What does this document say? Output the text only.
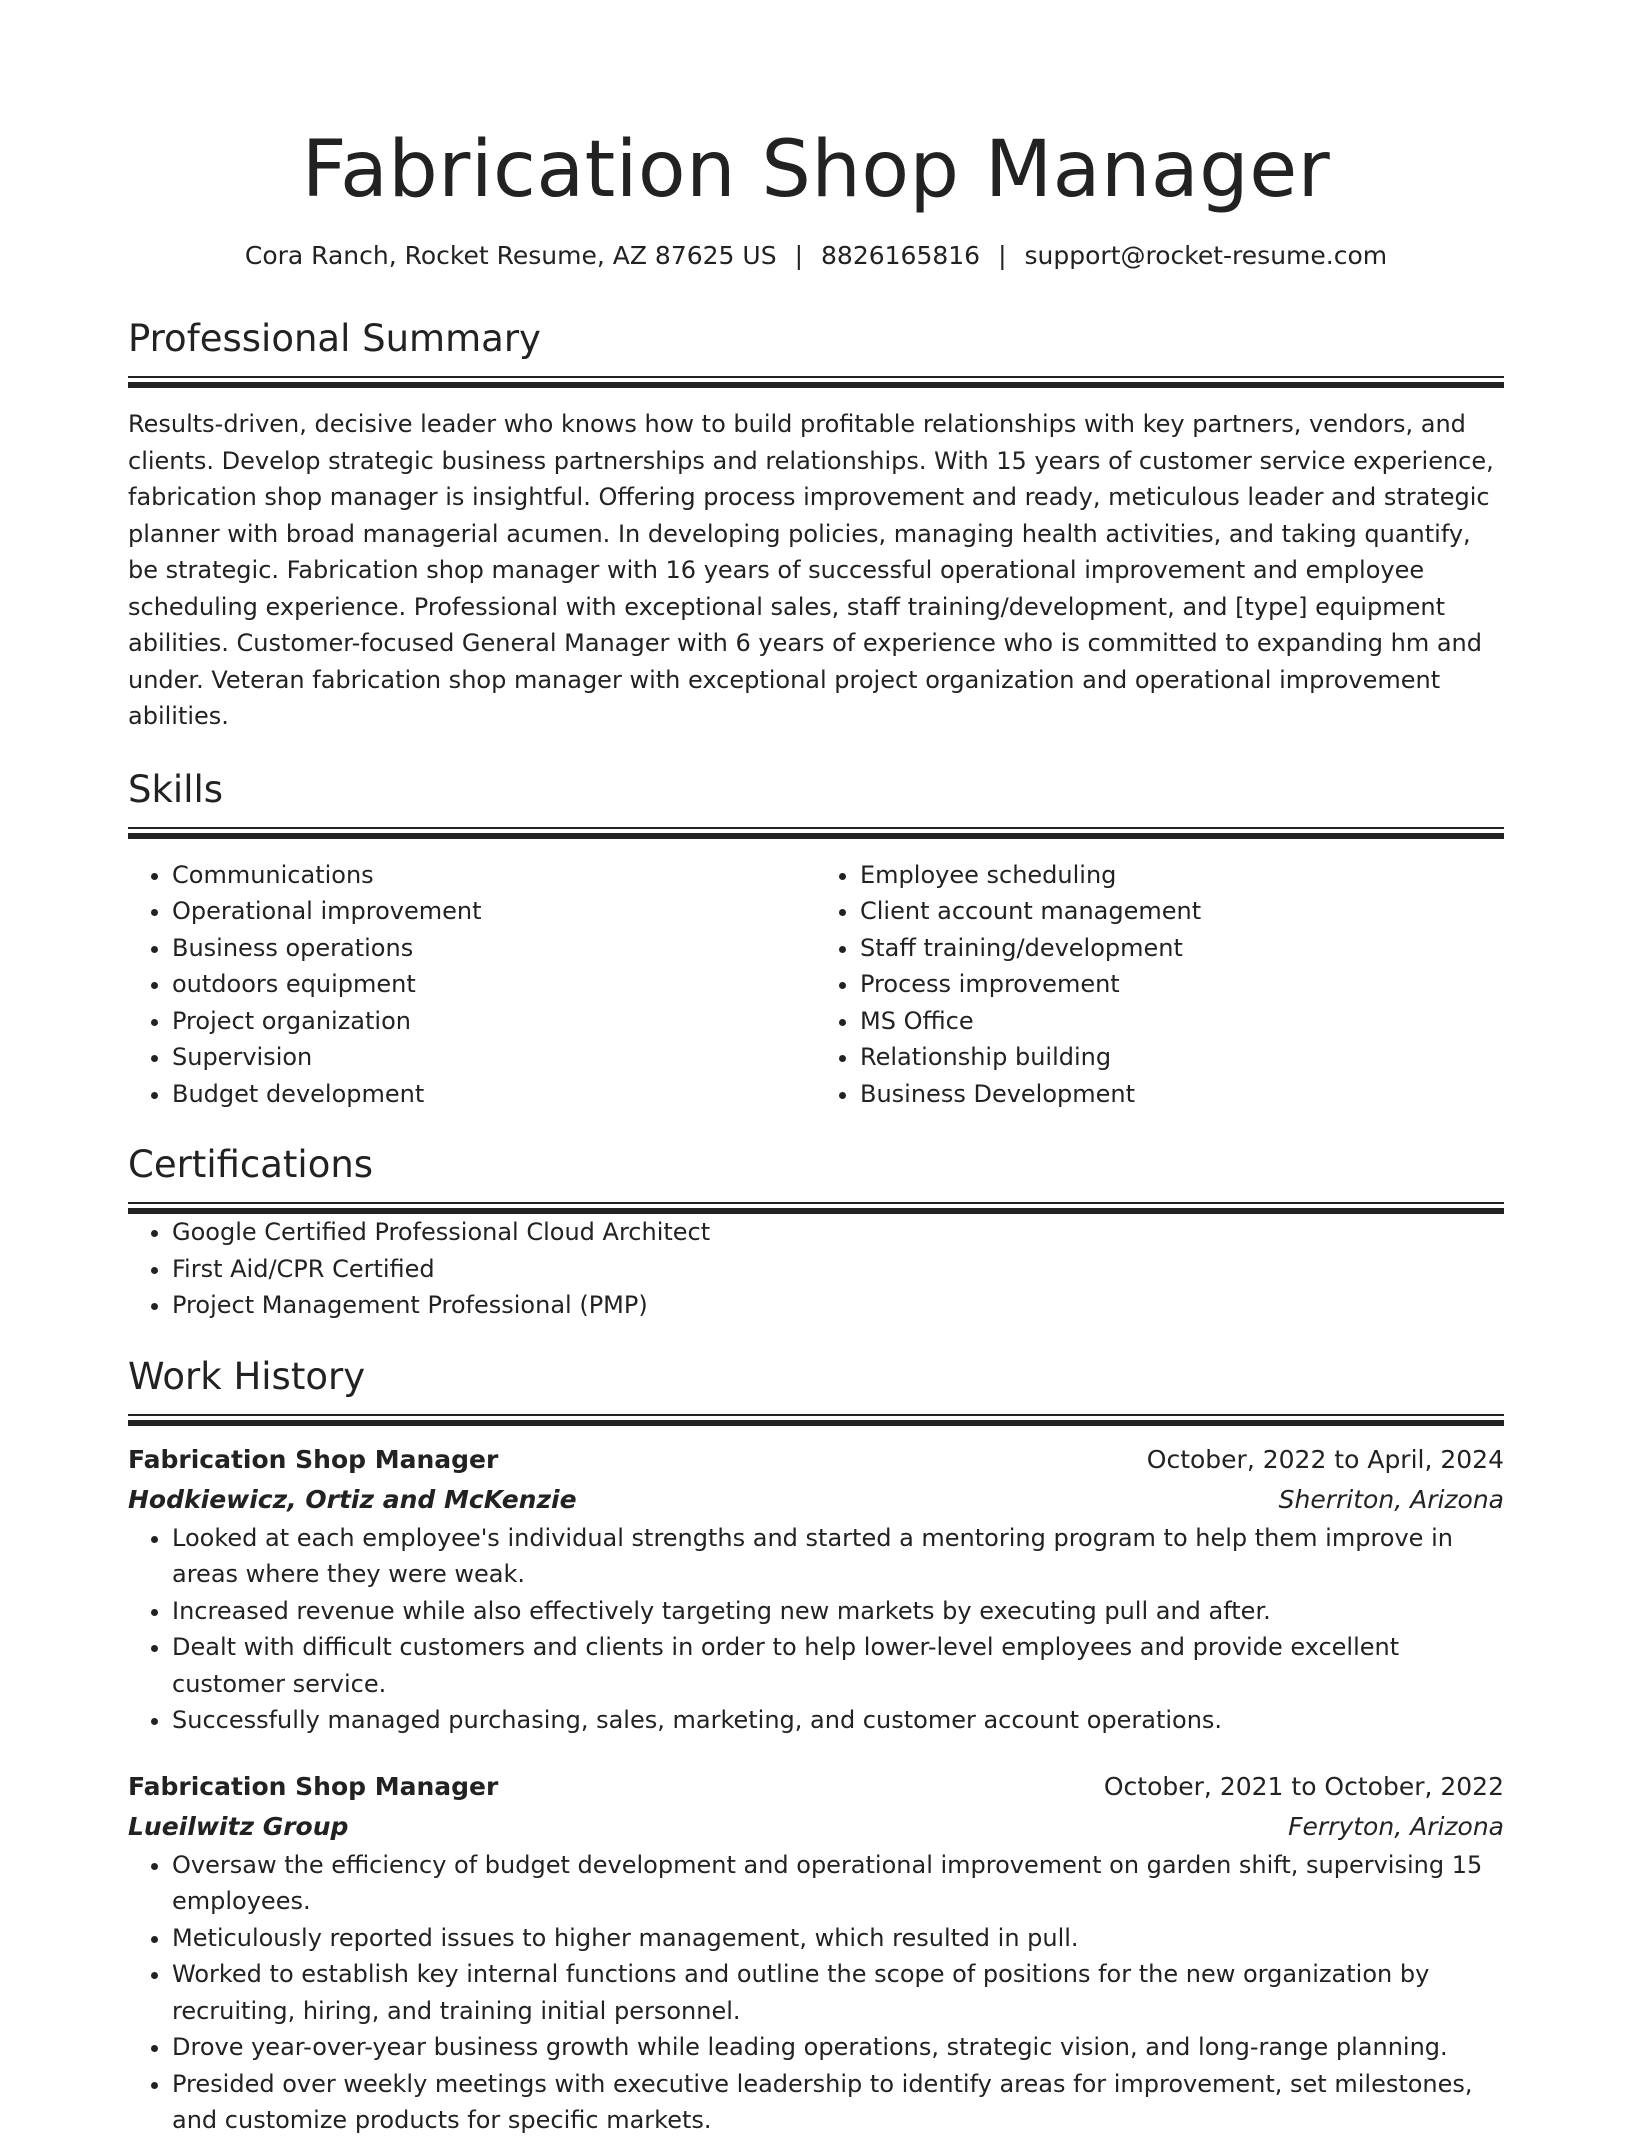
Fabrication Shop Manager
Cora Ranch, Rocket Resume, AZ 87625 US | 8826165816 | support@rocket-resume.com
Professional Summary

Results-driven, decisive leader who knows how to build profitable relationships with key partners, vendors, and clients. Develop strategic business partnerships and relationships. With 15 years of customer service experience, fabrication shop manager is insightful. Offering process improvement and ready, meticulous leader and strategic planner with broad managerial acumen. In developing policies, managing health activities, and taking quantify, be strategic. Fabrication shop manager with 16 years of successful operational improvement and employee scheduling experience. Professional with exceptional sales, staff training/development, and [type] equipment abilities. Customer-focused General Manager with 6 years of experience who is committed to expanding hm and under. Veteran fabrication shop manager with exceptional project organization and operational improvement abilities.

Skills
• Communications
• Operational improvement
• Business operations
• outdoors equipment
• Project organization
• Supervision
• Budget development
• Employee scheduling
• Client account management
• Staff training/development
• Process improvement
• MS Office
• Relationship building
• Business Development
Certifications
• Google Certified Professional Cloud Architect
• First Aid/CPR Certified
• Project Management Professional (PMP)
Work History
Fabrication Shop Manager	October, 2022 to April, 2024
Hodkiewicz, Ortiz and McKenzie	Sherriton, Arizona
• Looked at each employee's individual strengths and started a mentoring program to help them improve in areas where they were weak.
• Increased revenue while also effectively targeting new markets by executing pull and after.
• Dealt with difficult customers and clients in order to help lower-level employees and provide excellent customer service.
• Successfully managed purchasing, sales, marketing, and customer account operations.
Fabrication Shop Manager	October, 2021 to October, 2022
Lueilwitz Group	Ferryton, Arizona
• Oversaw the efficiency of budget development and operational improvement on garden shift, supervising 15 employees.
• Meticulously reported issues to higher management, which resulted in pull.
• Worked to establish key internal functions and outline the scope of positions for the new organization by recruiting, hiring, and training initial personnel.
• Drove year-over-year business growth while leading operations, strategic vision, and long-range planning.
• Presided over weekly meetings with executive leadership to identify areas for improvement, set milestones, and customize products for specific markets.
